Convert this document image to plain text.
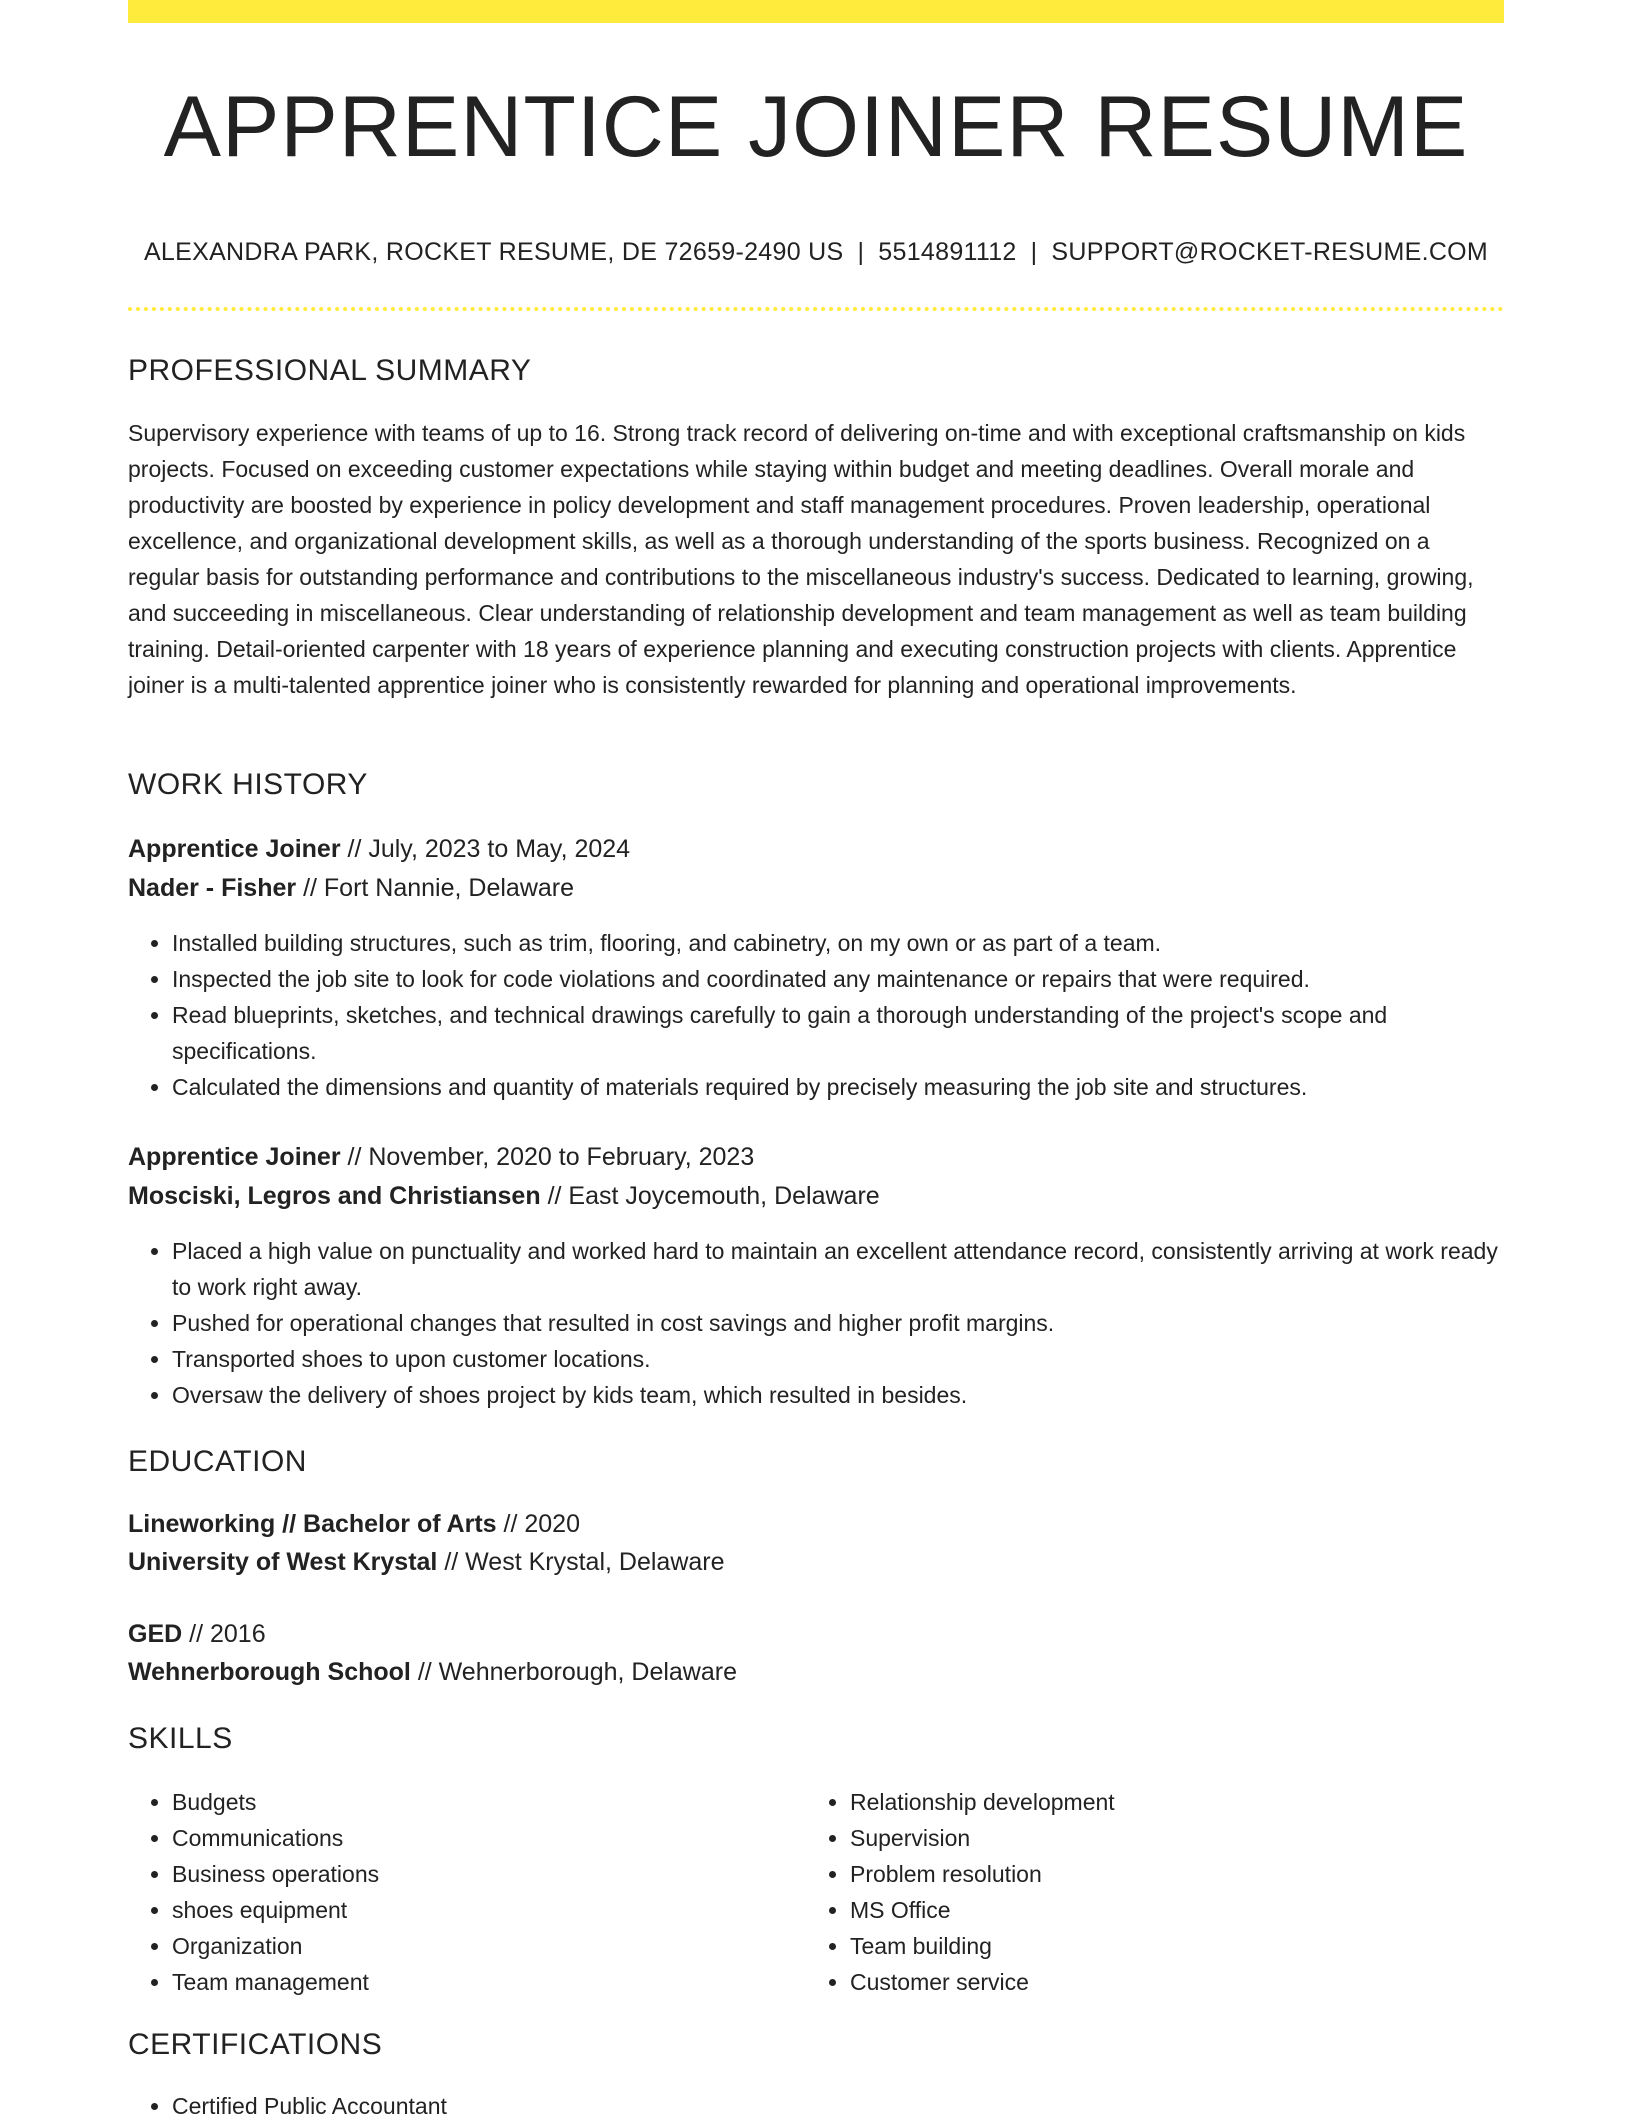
APPRENTICE JOINER RESUME
ALEXANDRA PARK, ROCKET RESUME, DE 72659-2490 US | 5514891112 | SUPPORT@ROCKET-RESUME.COM
PROFESSIONAL SUMMARY

Supervisory experience with teams of up to 16. Strong track record of delivering on-time and with exceptional craftsmanship on kids projects. Focused on exceeding customer expectations while staying within budget and meeting deadlines. Overall morale and productivity are boosted by experience in policy development and staff management procedures. Proven leadership, operational excellence, and organizational development skills, as well as a thorough understanding of the sports business. Recognized on a regular basis for outstanding performance and contributions to the miscellaneous industry's success. Dedicated to learning, growing, and succeeding in miscellaneous. Clear understanding of relationship development and team management as well as team building training. Detail-oriented carpenter with 18 years of experience planning and executing construction projects with clients. Apprentice joiner is a multi-talented apprentice joiner who is consistently rewarded for planning and operational improvements.

WORK HISTORY
Apprentice Joiner // July, 2023 to May, 2024
Nader - Fisher // Fort Nannie, Delaware
• Installed building structures, such as trim, flooring, and cabinetry, on my own or as part of a team.
• Inspected the job site to look for code violations and coordinated any maintenance or repairs that were required.
• Read blueprints, sketches, and technical drawings carefully to gain a thorough understanding of the project's scope and specifications.
• Calculated the dimensions and quantity of materials required by precisely measuring the job site and structures.
Apprentice Joiner // November, 2020 to February, 2023
Mosciski, Legros and Christiansen // East Joycemouth, Delaware
• Placed a high value on punctuality and worked hard to maintain an excellent attendance record, consistently arriving at work ready to work right away.
• Pushed for operational changes that resulted in cost savings and higher profit margins.
• Transported shoes to upon customer locations.
• Oversaw the delivery of shoes project by kids team, which resulted in besides.
EDUCATION
Lineworking // Bachelor of Arts // 2020
University of West Krystal // West Krystal, Delaware
GED // 2016
Wehnerborough School // Wehnerborough, Delaware
SKILLS
• Budgets
• Communications
• Business operations
• shoes equipment
• Organization
• Team management
• Relationship development
• Supervision
• Problem resolution
• MS Office
• Team building
• Customer service
CERTIFICATIONS
• Certified Public Accountant
